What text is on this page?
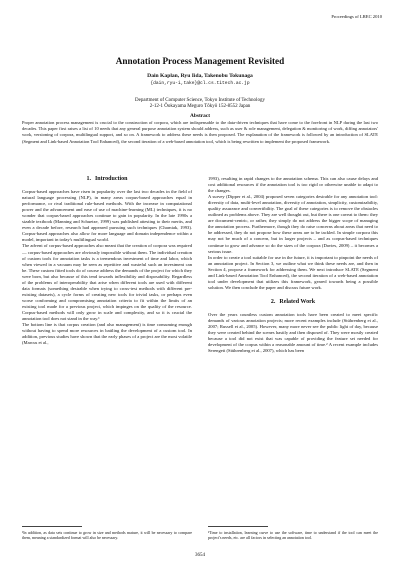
Proceedings of LREC 2010
Annotation Process Management Revisited
Dain Kaplan, Ryu Iida, Takenobu Tokunaga
{dain,ryu-i,take}@cl.cs.titech.ac.jp
Department of Computer Science, Tokyo Institute of Technology
2-12-1 Ôokayama Meguro Tôkyô 152-8552 Japan
Abstract
Proper annotation process management is crucial to the construction of corpora, which are indispensable to the data-driven techniques that have come to the forefront in NLP during the last two decades. This paper first raises a list of 10 needs that any general purpose annotation system should address, such as user & role management, delegation & monitoring of work, diffing annotators' work, versioning of corpora, multilingual support, and so on. A framework to address these needs is then proposed. The explanation of the framework is followed by an introduction of SLATE (Segment and Link-based Annotation Tool Enhanced), the second iteration of a web-based annotation tool, which is being rewritten to implement the proposed framework.
1. Introduction

Corpus-based approaches have risen in popularity over the last two decades in the field of natural language processing (NLP), in many areas corpus-based approaches equal in performance, or rival traditional rule-based methods. With the increase in computational power and the advancement and ease of use of machine-learning (ML) techniques, it is no wonder that corpus-based approaches continue to gain in popularity. In the late 1990s a sizable textbook (Manning and Schuetze, 1999) was published attesting to their merits, and even a decade before, research had appeared pursuing such techniques (Charniak, 1993). Corpus-based approaches also allow for more language and domain independence within a model, important in today's multilingual world.

The advent of corpus-based approaches also meant that the creation of corpora was required — corpus-based approaches are obviously impossible without them. The individual creation of custom tools for annotation tasks is a tremendous investment of time and labor, which when viewed in a vacuum may be seen as repetitive and wasteful such an investment can be. These custom fitted tools do of course address the demands of the project for which they were born, but also because of this tend towards inflexibility and disposability. Regardless of the problems of interoperability that arise when different tools are used with different data formats (something desirable when trying to cross-test methods with different pre-existing datasets), a cycle forms of creating new tools for trivial tasks, or perhaps even worse conforming and compromising annotation criteria to fit within the limits of an existing tool made for a previous project, which impinges on the quality of the resource. Corpus-based methods will only grow in scale and complexity, and so it is crucial the annotation tool does not stand in the way.¹

The bottom line is that corpus creation (and also management) is time consuming enough without having to spend more resources in battling the development of a custom tool. In addition, previous studies have shown that the early phases of a project are the most volatile (Marcus et al.,

1993), resulting in rapid changes to the annotation schema. This can also cause delays and cost additional resources if the annotation tool is too rigid or otherwise unable to adapt to the changes.

A survey (Dipper et al., 2004) proposed seven categories desirable for any annotation tool: diversity of data, multi-level annotation, diversity of annotation, simplicity, customizability, quality assurance and convertibility. The goal of these categories is to remove the obstacles outlined as problems above. They are well thought out, but there is one caveat to them: they are document-centric, or rather, they simply do not address the bigger scope of managing the annotation process. Furthermore, though they do raise concerns about areas that need to be addressed, they do not propose how these areas are to be tackled. In simple corpora this may not be much of a concern, but in larger projects – and as corpus-based techniques continue to grow and advance so do the sizes of the corpora (Davies, 2009) – it becomes a serious issue.

In order to create a tool suitable for use in the future, it is important to pinpoint the needs of an annotation project. In Section 3, we outline what we think these needs are, and then in Section 4, propose a framework for addressing them. We next introduce SLATE (Segment and Link-based Annotation Tool Enhanced), the second iteration of a web-based annotation tool under development that utilizes this framework, geared towards being a possible solution. We then conclude the paper and discuss future work.

2. Related Work

Over the years countless custom annotation tools have been created to meet specific demands of various annotation projects; more recent examples include (Stührenberg et al., 2007; Russell et al., 2005). However, many more never see the public light of day, because they were created behind the scenes hastily and then disposed of. They were mostly created because a tool did not exist that was capable of providing the feature set needed for development of the corpus within a reasonable amount of time.² A recent example includes Serengeti (Stührenberg et al., 2007), which has been

¹In addition, as data sets continue to grow in size and methods mature, it will be necessary to compare them, meaning a standardized format will also be necessary.
²Time to installation, learning curve to use the software, time to understand if the tool can meet the project's needs, etc. are all factors in selecting an annotation tool.
3654
